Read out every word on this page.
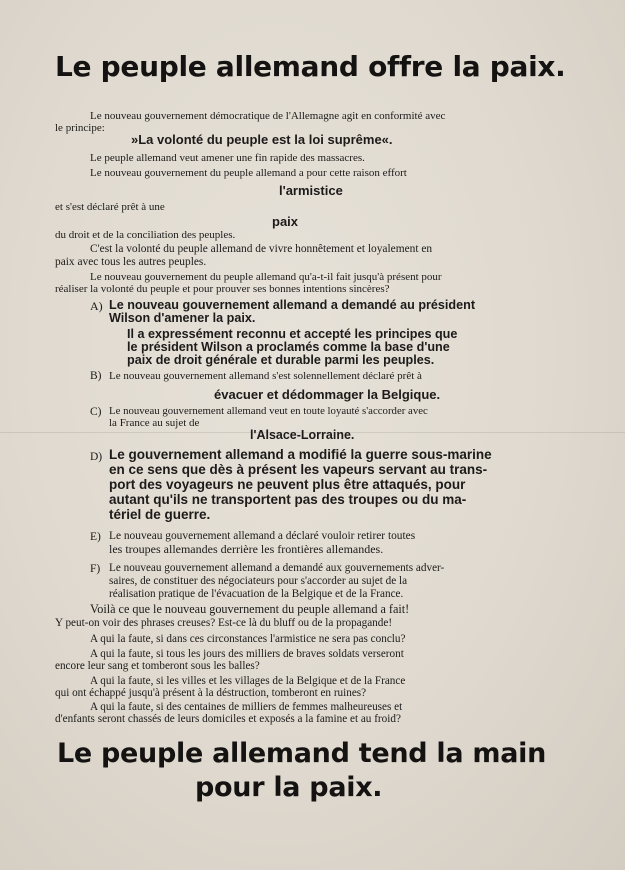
Le peuple allemand offre la paix.
Le nouveau gouvernement démocratique de l'Allemagne agit en conformité avec
le principe:
»La volonté du peuple est la loi suprême«.
Le peuple allemand veut amener une fin rapide des massacres.
Le nouveau gouvernement du peuple allemand a pour cette raison effort
l'armistice
et s'est déclaré prêt à une
paix
du droit et de la conciliation des peuples.
C'est la volonté du peuple allemand de vivre honnêtement et loyalement en
paix avec tous les autres peuples.
Le nouveau gouvernement du peuple allemand qu'a-t-il fait jusqu'à présent pour
réaliser la volonté du peuple et pour prouver ses bonnes intentions sincères?
A) Le nouveau gouvernement allemand a demandé au président
Wilson d'amener la paix.
Il a expressément reconnu et accepté les principes que
le président Wilson a proclamés comme la base d'une
paix de droit générale et durable parmi les peuples.
B) Le nouveau gouvernement allemand s'est solennellement déclaré prêt à
évacuer et dédommager la Belgique.
C) Le nouveau gouvernement allemand veut en toute loyauté s'accorder avec
la France au sujet de
l'Alsace-Lorraine.
D) Le gouvernement allemand a modifié la guerre sous-marine
en ce sens que dès à présent les vapeurs servant au trans-
port des voyageurs ne peuvent plus être attaqués, pour
autant qu'ils ne transportent pas des troupes ou du ma-
tériel de guerre.
E) Le nouveau gouvernement allemand a déclaré vouloir retirer toutes
les troupes allemandes derrière les frontières allemandes.
F) Le nouveau gouvernement allemand a demandé aux gouvernements adver-
saires, de constituer des négociateurs pour s'accorder au sujet de la
réalisation pratique de l'évacuation de la Belgique et de la France.
Voilà ce que le nouveau gouvernement du peuple allemand a fait!
Y peut-on voir des phrases creuses? Est-ce là du bluff ou de la propagande!
A qui la faute, si dans ces circonstances l'armistice ne sera pas conclu?
A qui la faute, si tous les jours des milliers de braves soldats verseront
encore leur sang et tomberont sous les balles?
A qui la faute, si les villes et les villages de la Belgique et de la France
qui ont échappé jusqu'à présent à la déstruction, tomberont en ruines?
A qui la faute, si des centaines de milliers de femmes malheureuses et
d'enfants seront chassés de leurs domiciles et exposés a la famine et au froid?
Le peuple allemand tend la main
pour la paix.
